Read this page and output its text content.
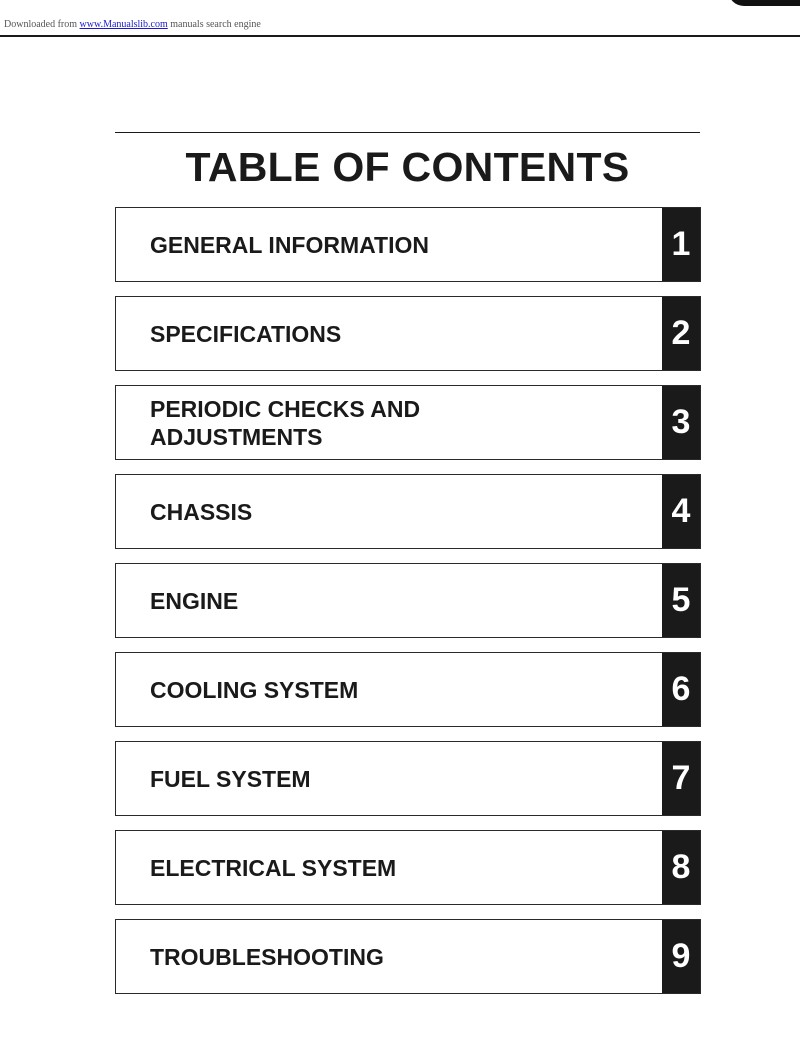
Downloaded from www.Manualslib.com manuals search engine
TABLE OF CONTENTS
GENERAL INFORMATION	1
SPECIFICATIONS	2
PERIODIC CHECKS AND
ADJUSTMENTS	3
CHASSIS	4
ENGINE	5
COOLING SYSTEM	6
FUEL SYSTEM	7
ELECTRICAL SYSTEM	8
TROUBLESHOOTING	9
